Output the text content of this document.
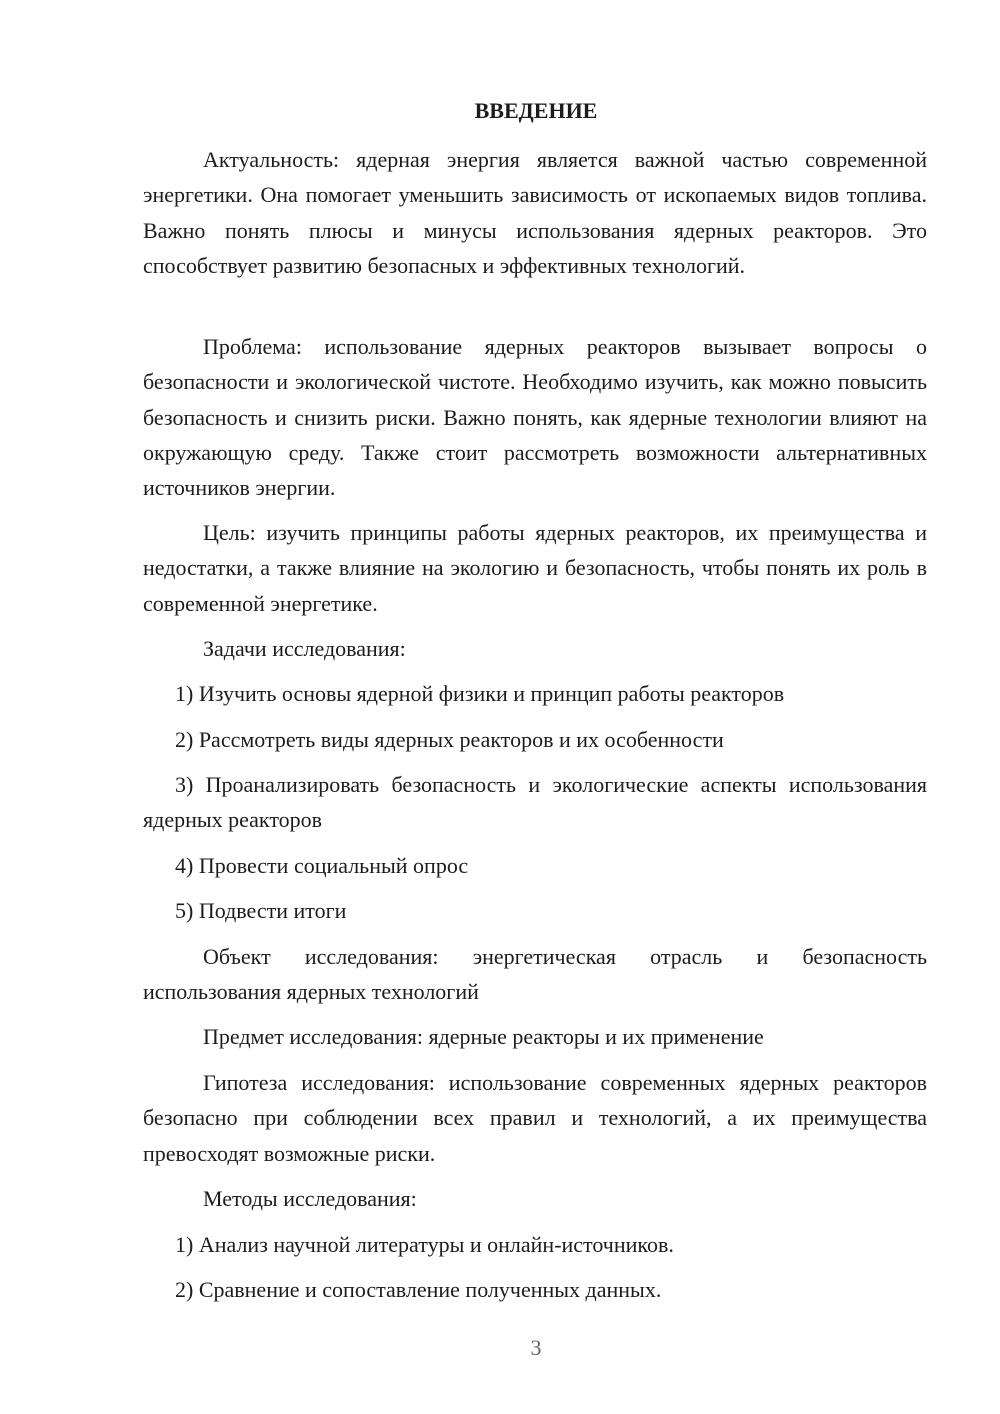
ВВЕДЕНИЕ

Актуальность: ядерная энергия является важной частью современной энергетики. Она помогает уменьшить зависимость от ископаемых видов топлива. Важно понять плюсы и минусы использования ядерных реакторов. Это способствует развитию безопасных и эффективных технологий.

Проблема: использование ядерных реакторов вызывает вопросы о безопасности и экологической чистоте. Необходимо изучить, как можно повысить безопасность и снизить риски. Важно понять, как ядерные технологии влияют на окружающую среду. Также стоит рассмотреть возможности альтернативных источников энергии.

Цель: изучить принципы работы ядерных реакторов, их преимущества и недостатки, а также влияние на экологию и безопасность, чтобы понять их роль в современной энергетике.

Задачи исследования:

1) Изучить основы ядерной физики и принцип работы реакторов

2) Рассмотреть виды ядерных реакторов и их особенности

3) Проанализировать безопасность и экологические аспекты использования ядерных реакторов

4) Провести социальный опрос

5) Подвести итоги

Объект исследования: энергетическая отрасль и безопасность использования ядерных технологий

Предмет исследования: ядерные реакторы и их применение

Гипотеза исследования: использование современных ядерных реакторов безопасно при соблюдении всех правил и технологий, а их преимущества превосходят возможные риски.

Методы исследования:

1) Анализ научной литературы и онлайн-источников.

2) Сравнение и сопоставление полученных данных.

3
